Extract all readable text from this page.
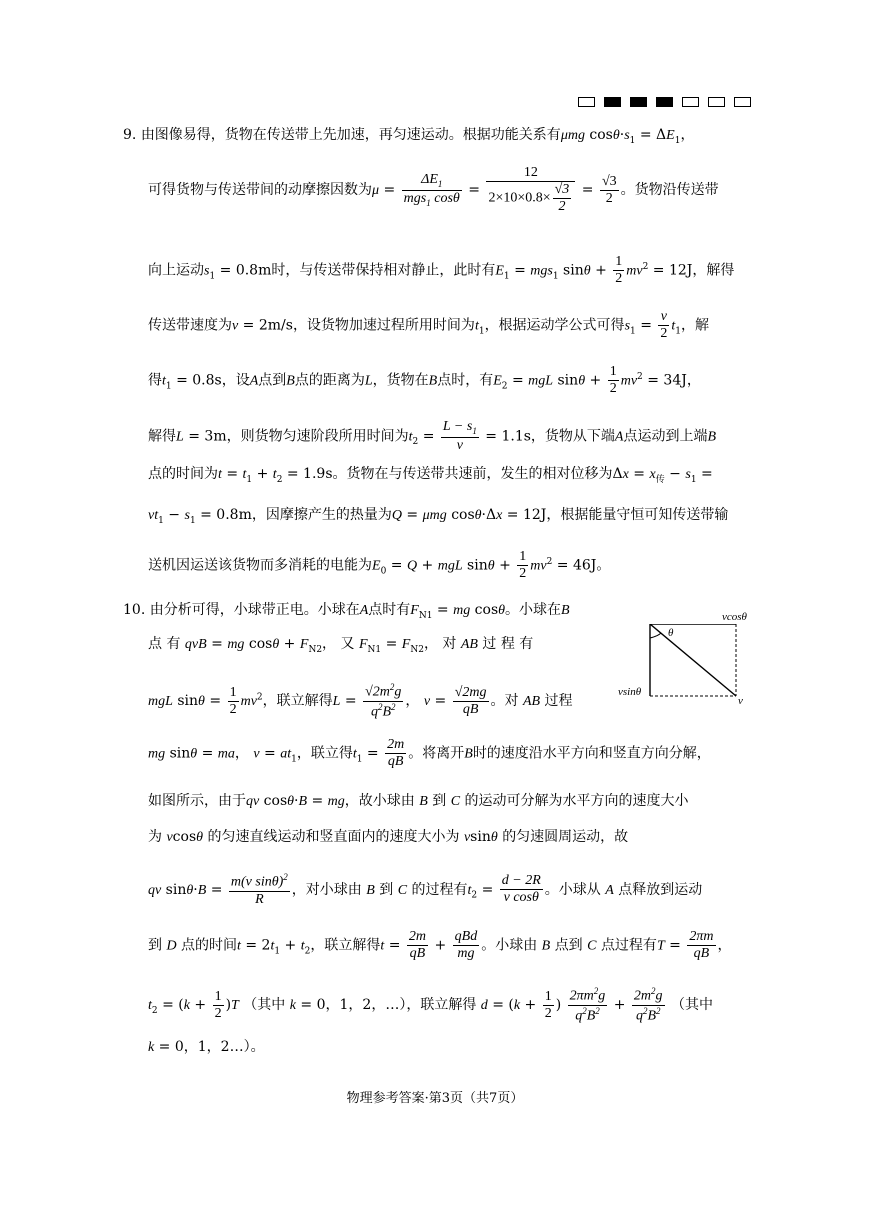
9. 由图像易得，货物在传送带上先加速，再匀速运动。根据功能关系有μmg $\cos\theta\cdot s_1 = \Delta E_1$，
可得货物与传送带间的动摩擦因数为$\mu = \frac{\Delta E_1}{mgs_1 \cos\theta} = \frac{12}{2\times 10\times 0.8\times \frac{√3}{2}} = \frac{√3}{2}$ 。货物沿传送带
向上运动$s_1 = 0.8m$时，与传送带保持相对静止，此时有$E_1 = mgs_1$ $\sin\theta + \frac{1}{2} mv^2 = 12J$，解得
传送带速度为v = 2m/s，设货物加速过程所用时间为$t_1$，根据运动学公式可得$s_1 = \frac{v}{2} t_1$，解
得$t_1 = 0.8s$，设A点到B点的距离为L，货物在B点时，有$E_2$ = mgL $\sin\theta + \frac{1}{2} mv^2 = 34J$，
解得L = 3m，则货物匀速阶段所用时间为$t_2 = \frac{L - s_1}{v} = 1.1s$，货物从下端A点运动到上端B
点的时间为$t = t_1 + t_2 = 1.9s$。货物在与传送带共速前，发生的相对位移为$\Delta x = x_传 - s_1$ =
$vt_1 - s_1 = 0.8m$，因摩擦产生的热量为Q = μmg cosθ·Δx = 12J，根据能量守恒可知传送带输
送机因运送该货物而多消耗的电能为$E_0 = Q$ + mgL $\sin\theta + \frac{1}{2} mv^2 = 46J$。
10. 由分析可得，小球带正电。小球在A点时有$F_{N1}$ = mg cosθ。小球在B
点 有 qvB = mg $\cos\theta + F_{N2}$， 又 $F_{N1} = F_{N2}$， 对 AB 过 程 有
mgL $\sin\theta = \frac{1}{2} mv^2$，联立解得$L = \frac{√2m^2g}{q^2B^2}$ ， $v = \frac{√2mg}{qB}$ 。对 AB 过程
vcosθ
vsinθ
v
θ
mg sinθ = ma， $v = at_1$，联立得$t_1 = \frac{2m}{qB}$ 。将离开B时的速度沿水平方向和竖直方向分解，
如图所示，由于qv cosθ·B = mg，故小球由 B 到 C 的运动可分解为水平方向的速度大小
为 vcosθ 的匀速直线运动和竖直面内的速度大小为 vsinθ 的匀速圆周运动，故
qv $\sin\theta\cdot B = \frac{m(v \sin\theta)^2}{R}$ ，对小球由 B 到 C 的过程有$t_2 = \frac{d - 2R}{\text{v cosθ}}$ 。小球从 A 点释放到运动
到 D 点的时间$t = 2t_1 + t_2$，联立解得$t = \frac{2m}{qB} + \frac{\text{qBd}}{mg}$ 。小球由 B 点到 C 点过程有$T = \frac{2\pi m}{qB}$ ，
$t_2 = (k + \frac{1}{2} )T$ （其中 k = 0，1，2，…），联立解得 $d = (k + \frac{1}{2}$ ) $\frac{2\pi m^2g}{q^2B^2} + \frac{2m^2g}{q^2B^2}$ （其中
k = 0，1，2…）。
物理参考答案·第3页（共7页）
